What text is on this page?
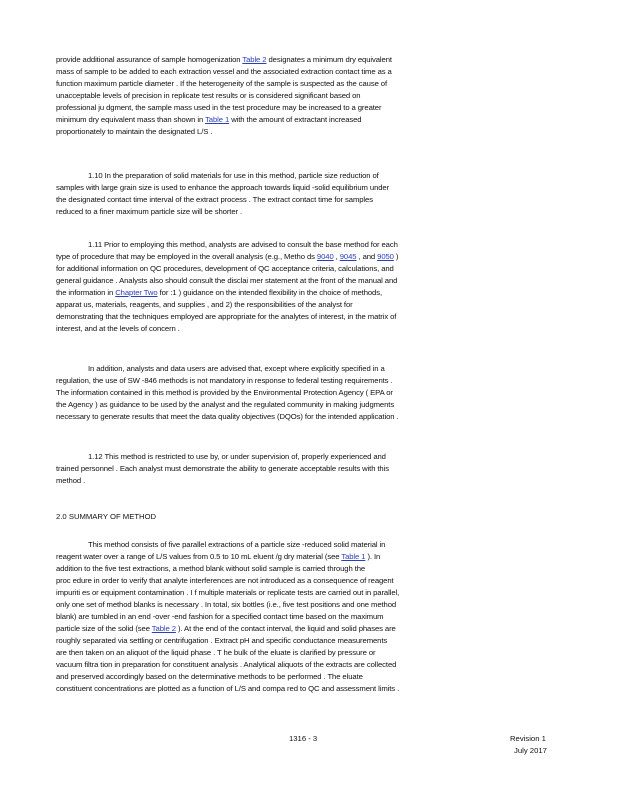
provide additional assurance of sample homogenization Table 2 designates a minimum dry equivalent
mass of sample to be added to each extraction vessel and the associated extraction contact time as a
function maximum particle diameter . If the heterogeneity of the sample is suspected as the cause of
unacceptable levels of precision in replicate test results or is considered significant based on
professional ju dgment, the sample mass used in the test procedure may be increased to a greater
minimum dry equivalent mass than shown in Table 1 with the amount of extractant increased
proportionately to maintain the designated L/S .
1.10 In the preparation of solid materials for use in this method, particle size reduction of
samples with large grain size is used to enhance the approach towards liquid -solid equilibrium under
the designated contact time interval of the extract process . The extract contact time for samples
reduced to a finer maximum particle size will be shorter .
1.11 Prior to employing this method, analysts are advised to consult the base method for each
type of procedure that may be employed in the overall analysis (e.g., Metho ds 9040 , 9045 , and 9050 )
for additional information on QC procedures, development of QC acceptance criteria, calculations, and
general guidance . Analysts also should consult the disclai mer statement at the front of the manual and
the information in Chapter Two for :1 ) guidance on the intended flexibility in the choice of methods,
apparat us, materials, reagents, and supplies , and 2) the responsibilities of the analyst for
demonstrating that the techniques employed are appropriate for the analytes of interest, in the matrix of
interest, and at the levels of concern .
In addition, analysts and data users are advised that, except where explicitly specified in a
regulation, the use of SW -846 methods is not mandatory in response to federal testing requirements .
The information contained in this method is provided by the Environmental Protection Agency ( EPA or
the Agency ) as guidance to be used by the analyst and the regulated community in making judgments
necessary to generate results that meet the data quality objectives (DQOs) for the intended application .
1.12 This method is restricted to use by, or under supervision of, properly experienced and
trained personnel . Each analyst must demonstrate the ability to generate acceptable results with this
method .
2.0 SUMMARY OF METHOD
This method consists of five parallel extractions of a particle size -reduced solid material in
reagent water over a range of L/S values from 0.5 to 10 mL eluent /g dry material (see Table 1 ). In
addition to the five test extractions, a method blank without solid sample is carried through the
proc edure in order to verify that analyte interferences are not introduced as a consequence of reagent
impuriti es or equipment contamination . I f multiple materials or replicate tests are carried out in parallel,
only one set of method blanks is necessary . In total, six bottles (i.e., five test positions and one method
blank) are tumbled in an end -over -end fashion for a specified contact time based on the maximum
particle size of the solid (see Table 2 ). At the end of the contact interval, the liquid and solid phases are
roughly separated via settling or centrifugation . Extract pH and specific conductance measurements
are then taken on an aliquot of the liquid phase . T he bulk of the eluate is clarified by pressure or
vacuum filtra tion in preparation for constituent analysis . Analytical aliquots of the extracts are collected
and preserved accordingly based on the determinative methods to be performed . The eluate
constituent concentrations are plotted as a function of L/S and compa red to QC and assessment limits .
1316 - 3	Revision 1
July 2017
